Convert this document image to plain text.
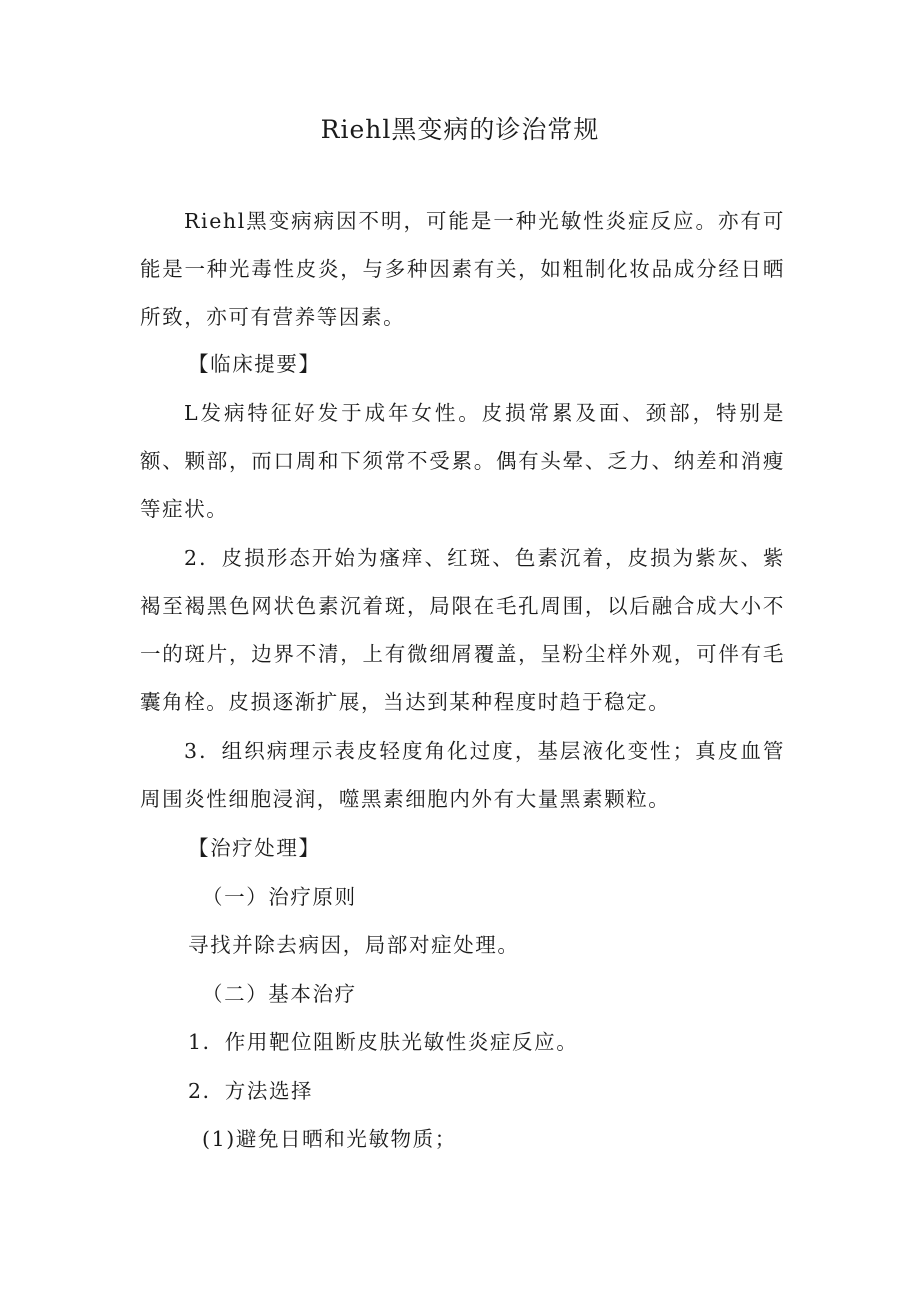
Riehl黑变病的诊治常规

Riehl黑变病病因不明，可能是一种光敏性炎症反应。亦有可能是一种光毒性皮炎，与多种因素有关，如粗制化妆品成分经日晒所致，亦可有营养等因素。

【临床提要】

L发病特征好发于成年女性。皮损常累及面、颈部，特别是额、颗部，而口周和下须常不受累。偶有头晕、乏力、纳差和消瘦等症状。

2．皮损形态开始为瘙痒、红斑、色素沉着，皮损为紫灰、紫褐至褐黑色网状色素沉着斑，局限在毛孔周围，以后融合成大小不一的斑片，边界不清，上有微细屑覆盖，呈粉尘样外观，可伴有毛囊角栓。皮损逐渐扩展，当达到某种程度时趋于稳定。

3．组织病理示表皮轻度角化过度，基层液化变性；真皮血管周围炎性细胞浸润，噬黑素细胞内外有大量黑素颗粒。

【治疗处理】
（一）治疗原则
寻找并除去病因，局部对症处理。
（二）基本治疗
1．作用靶位阻断皮肤光敏性炎症反应。
2．方法选择
(1)避免日晒和光敏物质；
